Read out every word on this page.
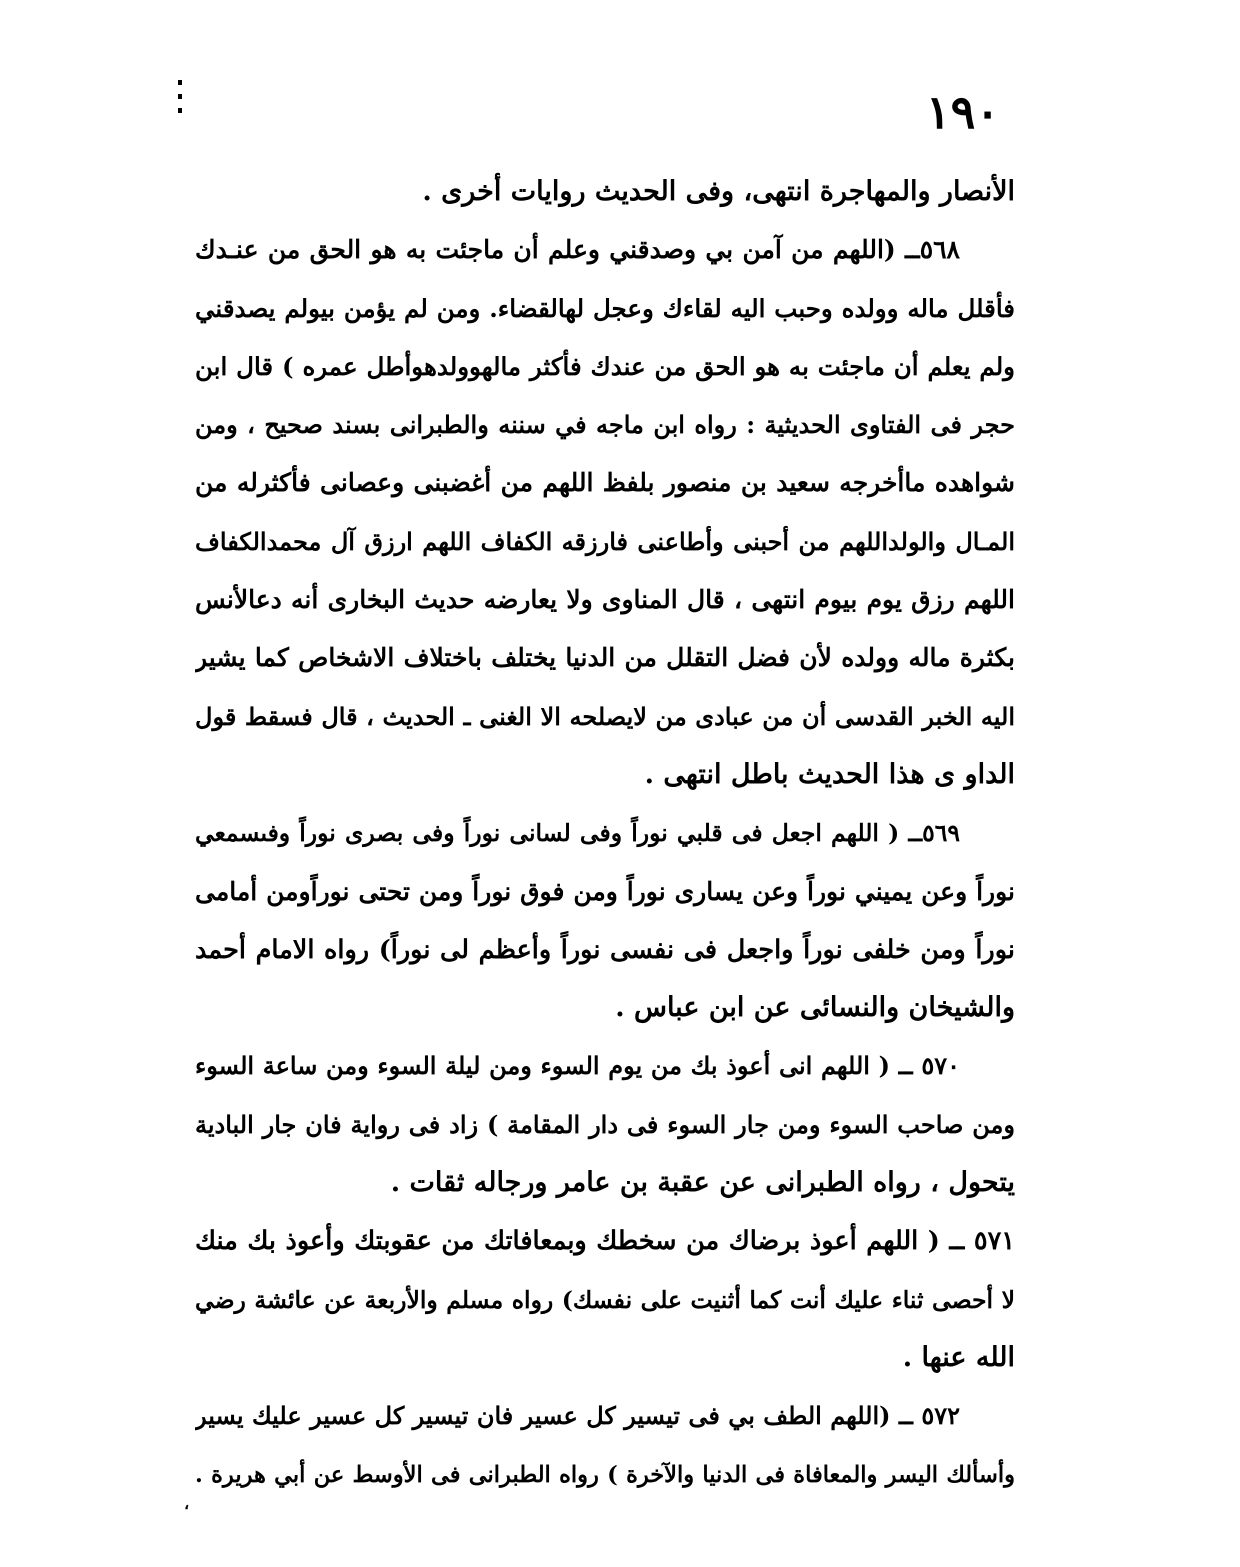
١٩٠
الأنصار والمهاجرة انتهى، وفى الحديث روايات أخرى .
٥٦٨ــ (اللهم من آمن بي وصدقني وعلم أن ماجئت به هو الحق من عنـدك
فأقلل ماله وولده وحبب اليه لقاءك وعجل لهالقضاء. ومن لم يؤمن بيولم يصدقني
ولم يعلم أن ماجئت به هو الحق من عندك فأكثر مالهوولدهوأطل عمره ) قال ابن
حجر فى الفتاوى الحديثية : رواه ابن ماجه في سننه والطبرانى بسند صحيح ، ومن
شواهده ماأخرجه سعيد بن منصور بلفظ اللهم من أغضبنى وعصانى فأكثرله من
المـال والولداللهم من أحبنى وأطاعنى فارزقه الكفاف اللهم ارزق آل محمدالكفاف
اللهم رزق يوم بيوم انتهى ، قال المناوى ولا يعارضه حديث البخارى أنه دعالأنس
بكثرة ماله وولده لأن فضل التقلل من الدنيا يختلف باختلاف الاشخاص كما يشير
اليه الخبر القدسى أن من عبادى من لايصلحه الا الغنى ـ الحديث ، قال فسقط قول
الداو ى هذا الحديث باطل انتهى .
٥٦٩ــ ( اللهم اجعل فى قلبي نوراً وفى لسانى نوراً وفى بصرى نوراً وفىسمعي
نوراً وعن يميني نوراً وعن يسارى نوراً ومن فوق نوراً ومن تحتى نوراًومن أمامى
نوراً ومن خلفى نوراً واجعل فى نفسى نوراً وأعظم لى نوراً) رواه الامام أحمد
والشيخان والنسائى عن ابن عباس .
٥٧٠ ــ ( اللهم انى أعوذ بك من يوم السوء ومن ليلة السوء ومن ساعة السوء
ومن صاحب السوء ومن جار السوء فى دار المقامة ) زاد فى رواية فان جار البادية
يتحول ، رواه الطبرانى عن عقبة بن عامر ورجاله ثقات .
٥٧١ ــ ( اللهم أعوذ برضاك من سخطك وبمعافاتك من عقوبتك وأعوذ بك منك
لا أحصى ثناء عليك أنت كما أثنيت على نفسك) رواه مسلم والأربعة عن عائشة رضي
الله عنها .
٥٧٢ ــ (اللهم الطف بي فى تيسير كل عسير فان تيسير كل عسير عليك يسير
وأسألك اليسر والمعافاة فى الدنيا والآخرة ) رواه الطبرانى فى الأوسط عن أبي هريرة .
،
